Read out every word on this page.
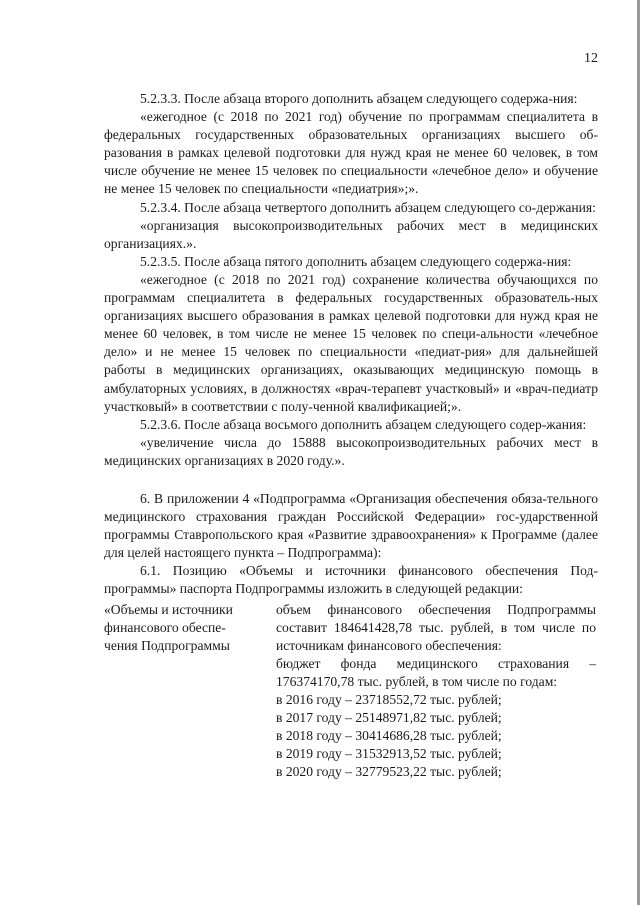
12

5.2.3.3. После абзаца второго дополнить абзацем следующего содержа-ния:

«ежегодное (с 2018 по 2021 год) обучение по программам специалитета в федеральных государственных образовательных организациях высшего об-разования в рамках целевой подготовки для нужд края не менее 60 человек, в том числе обучение не менее 15 человек по специальности «лечебное дело» и обучение не менее 15 человек по специальности «педиатрия»;».

5.2.3.4. После абзаца четвертого дополнить абзацем следующего со-держания:

«организация высокопроизводительных рабочих мест в медицинских организациях.».

5.2.3.5. После абзаца пятого дополнить абзацем следующего содержа-ния:

«ежегодное (с 2018 по 2021 год) сохранение количества обучающихся по программам специалитета в федеральных государственных образователь-ных организациях высшего образования в рамках целевой подготовки для нужд края не менее 60 человек, в том числе не менее 15 человек по специ-альности «лечебное дело» и не менее 15 человек по специальности «педиат-рия» для дальнейшей работы в медицинских организациях, оказывающих медицинскую помощь в амбулаторных условиях, в должностях «врач-терапевт участковый» и «врач-педиатр участковый» в соответствии с полу-ченной квалификацией;».

5.2.3.6. После абзаца восьмого дополнить абзацем следующего содер-жания:

«увеличение числа до 15888 высокопроизводительных рабочих мест в медицинских организациях в 2020 году.».

6. В приложении 4 «Подпрограмма «Организация обеспечения обяза-тельного медицинского страхования граждан Российской Федерации» гос-ударственной программы Ставропольского края «Развитие здравоохранения» к Программе (далее для целей настоящего пункта – Подпрограмма):

6.1. Позицию «Объемы и источники финансового обеспечения Под-программы» паспорта Подпрограммы изложить в следующей редакции:

«Объемы и источники
финансового обеспе-
чения Подпрограммы

объем финансового обеспечения Подпрограммы составит 184641428,78 тыс. рублей, в том числе по источникам финансового обеспечения:

бюджет фонда медицинского страхования – 176374170,78 тыс. рублей, в том числе по годам:

в 2016 году – 23718552,72 тыс. рублей;
в 2017 году – 25148971,82 тыс. рублей;
в 2018 году – 30414686,28 тыс. рублей;
в 2019 году – 31532913,52 тыс. рублей;
в 2020 году – 32779523,22 тыс. рублей;
